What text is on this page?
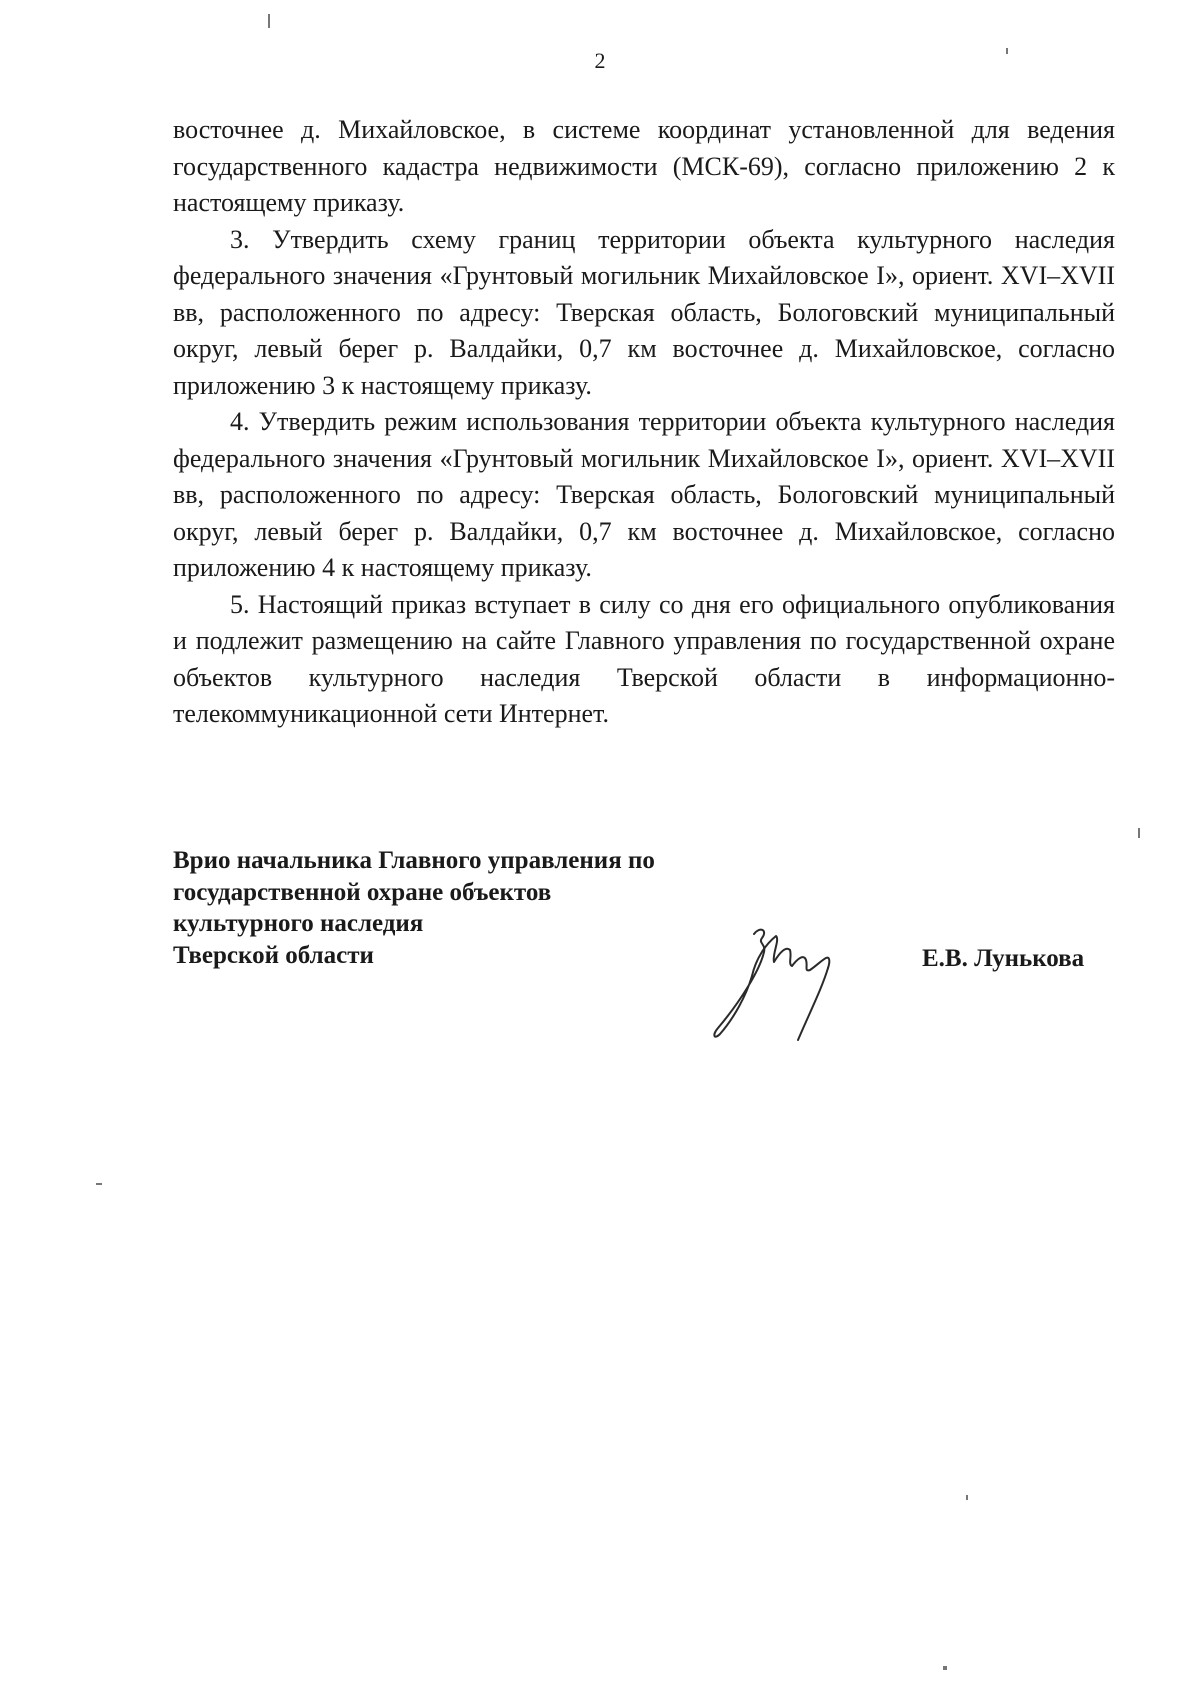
2

восточнее д. Михайловское, в системе координат установленной для ведения государственного кадастра недвижимости (МСК-69), согласно приложению 2 к настоящему приказу.

3. Утвердить схему границ территории объекта культурного наследия федерального значения «Грунтовый могильник Михайловское I», ориент. XVI–XVII вв, расположенного по адресу: Тверская область, Бологовский муниципальный округ, левый берег р. Валдайки, 0,7 км восточнее д. Михайловское, согласно приложению 3 к настоящему приказу.

4. Утвердить режим использования территории объекта культурного наследия федерального значения «Грунтовый могильник Михайловское I», ориент. XVI–XVII вв, расположенного по адресу: Тверская область, Бологовский муниципальный округ, левый берег р. Валдайки, 0,7 км восточнее д. Михайловское, согласно приложению 4 к настоящему приказу.

5. Настоящий приказ вступает в силу со дня его официального опубликования и подлежит размещению на сайте Главного управления по государственной охране объектов культурного наследия Тверской области в информационно-телекоммуникационной сети Интернет.

Врио начальника Главного управления по
государственной охране объектов
культурного наследия
Тверской области	Е.В. Лунькова
